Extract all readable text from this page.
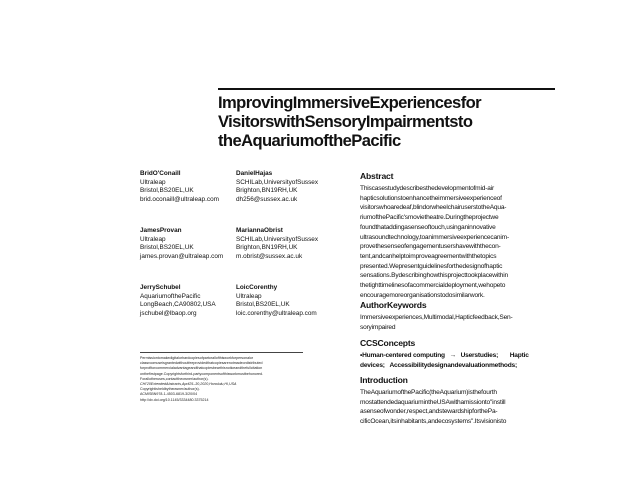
ImprovingImmersiveExperiencesfor
VisitorswithSensoryImpairmentsto
theAquariumofthePacific
BridO'Conaill
Ultraleap
Bristol,BS20EL,UK
brid.oconaill@ultraleap.com
DanielHajas
SCHILab,UniversityofSussex
Brighton,BN19RH,UK
dh256@sussex.ac.uk
JamesProvan
Ultraleap
Bristol,BS20EL,UK
james.provan@ultraleap.com
MariannaObrist
SCHILab,UniversityofSussex
Brighton,BN19RH,UK
m.obrist@sussex.ac.uk
JerrySchubel
AquariumofthePacific
LongBeach,CA90802,USA
jschubel@lbaop.org
LoicCorenthy
Ultraleap
Bristol,BS20EL,UK
loic.corenthy@ultraleap.com
Permissiontomakedigitalorhardcopiesofpartorallofthisworkforpersonalor
classroomuseisgrantedwithoutfeeprovidedthatcopiesarenotmadeordistributed
forprofitorcommercialadvantageandthatcopiesbearthisnoticeandthefullcitation
onthefirstpage.Copyrightsforthird-partycomponentsofthisworkmustbehonored.
Forallotheruses,contacttheowner/author(s).
CHI'20ExtendedAbstracts,April25–30,2020,Honolulu,HI,USA
Copyrightisheldbytheowner/author(s).
ACMISBN978-1-4503-6819-3/20/04
http://dx.doi.org/10.1145/3334480.3375214
Abstract
Thiscasestudydescribesthedevelopmentofmid-air
hapticsolutionstoenhancetheimmersiveexperienceof
visitorswhoaredeaf,blindorwheelchairuserstotheAqua-
riumofthePacific'smovietheatre.Duringtheprojectwe
foundthataddingasenseoftouch,usinganinnovative
ultrasoundtechnology,toanimmersiveexperiencecanim-
provethesenseofengagementusershavewiththecon-
tent,andcanhelptoimproveagreementwiththetopics
presented.Wepresentguidelinesforthedesignofhaptic
sensations.Bydescribinghowthisprojecttookplacewithin
thetighttimelinesofacommercialdeployment,wehopeto
encouragemoreorganisationstodosimilarwork.
AuthorKeywords
Immersiveexperiences,Multimodal,Hapticfeedback,Sen-
soryimpaired
CCSConcepts
•Human-centered computing → Userstudies; Haptic
devices;   Accessibilitydesignandevaluationmethods;
Introduction
TheAquariumofthePacific(theAquarium)isthefourth
mostattendedaquariumintheUSAwithamissionto"instill
asenseofwonder,respect,andstewardshipforthePa-
cificOcean,itsinhabitants,andecosystems".Itsvisionisto
